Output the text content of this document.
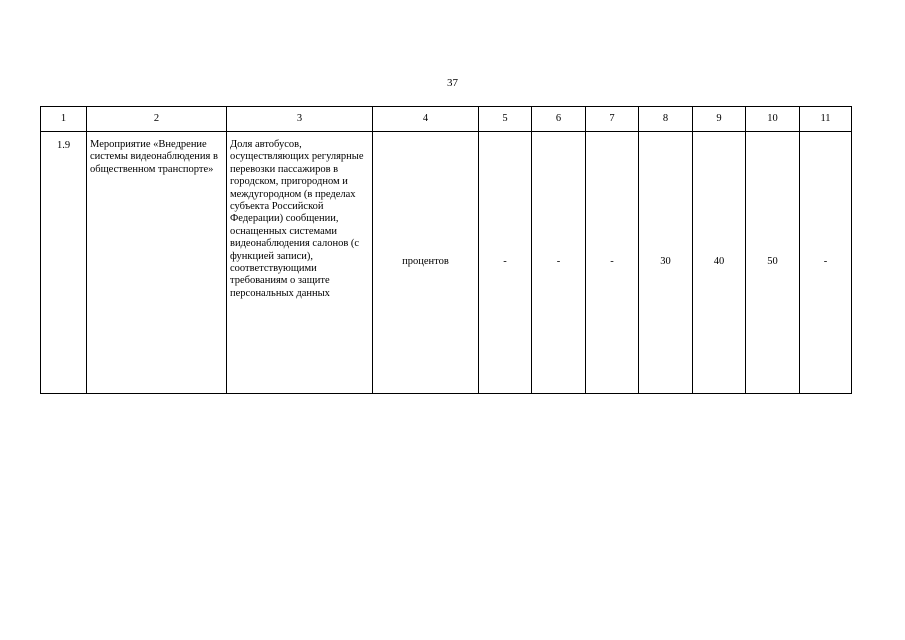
37
1	2	3	4	5	6	7	8	9	10	11
1.9	Мероприятие «Внедрение системы видеонаблюдения в общественном транспорте»	Доля автобусов, осуществляющих регулярные перевозки пассажиров в городском, пригородном и междугородном (в пределах субъекта Российской Федерации) сообщении, оснащенных системами видеонаблюдения салонов (с функцией записи), соответствующими требованиям о защите персональных данных	процентов	-	-	-	30	40	50	-
